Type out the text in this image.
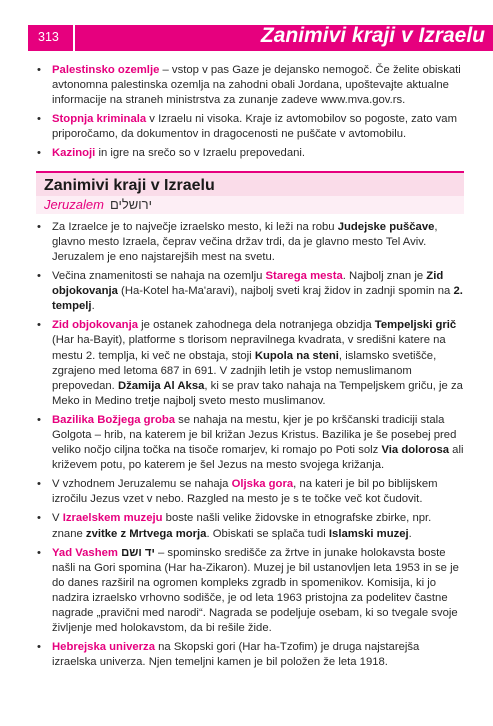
313	Zanimivi kraji v Izraelu
• Palestinsko ozemlje – vstop v pas Gaze je dejansko nemogoč. Če želite obiskati avtonomna palestinska ozemlja na zahodni obali Jordana, upoštevajte aktualne informacije na straneh ministrstva za zunanje zadeve www.mva.gov.rs.
• Stopnja kriminala v Izraelu ni visoka. Kraje iz avtomobilov so pogoste, zato vam priporočamo, da dokumentov in dragocenosti ne puščate v avtomobilu.
• Kazinoji in igre na srečo so v Izraelu prepovedani.
Zanimivi kraji v Izraelu
Jeruzalem ירושלים
• Za Izraelce je to največje izraelsko mesto, ki leži na robu Judejske puščave, glavno mesto Izraela, čeprav večina držav trdi, da je glavno mesto Tel Aviv. Jeruzalem je eno najstarejših mest na svetu.
• Večina znamenitosti se nahaja na ozemlju Starega mesta. Najbolj znan je Zid objokovanja (Ha-Kotel ha-Ma'aravi), najbolj sveti kraj židov in zadnji spomin na 2. tempelj.
• Zid objokovanja je ostanek zahodnega dela notranjega obzidja Tempeljski grič (Har ha-Bayit), platforme s tlorisom nepravilnega kvadrata, v središni katere na mestu 2. templja, ki več ne obstaja, stoji Kupola na steni, islamsko svetišče, zgrajeno med letoma 687 in 691. V zadnjih letih je vstop nemuslimanom prepovedan. Džamija Al Aksa, ki se prav tako nahaja na Tempeljskem griču, je za Meko in Medino tretje najbolj sveto mesto muslimanov.
• Bazilika Božjega groba se nahaja na mestu, kjer je po krščanski tradiciji stala Golgota – hrib, na katerem je bil križan Jezus Kristus. Bazilika je še posebej pred veliko nočjo ciljna točka na tisoče romarjev, ki romajo po Poti solz Via dolorosa ali križevem potu, po katerem je šel Jezus na mesto svojega križanja.
• V vzhodnem Jeruzalemu se nahaja Oljska gora, na kateri je bil po biblijskem izročilu Jezus vzet v nebo. Razgled na mesto je s te točke več kot čudovit.
• V Izraelskem muzeju boste našli velike židovske in etnografske zbirke, npr. znane zvitke z Mrtvega morja. Obiskati se splača tudi Islamski muzej.
• Yad Vashem יד ושם – spominsko središče za žrtve in junake holokavsta boste našli na Gori spomina (Har ha-Zikaron). Muzej je bil ustanovljen leta 1953 in se je do danes razširil na ogromen kompleks zgradb in spomenikov. Komisija, ki jo nadzira izraelsko vrhovno sodišče, je od leta 1963 pristojna za podelitev častne nagrade „pravični med narodi“. Nagrada se podeljuje osebam, ki so tvegale svoje življenje med holokavstom, da bi rešile žide.
• Hebrejska univerza na Skopski gori (Har ha-Tzofim) je druga najstarejša izraelska univerza. Njen temeljni kamen je bil položen že leta 1918.
